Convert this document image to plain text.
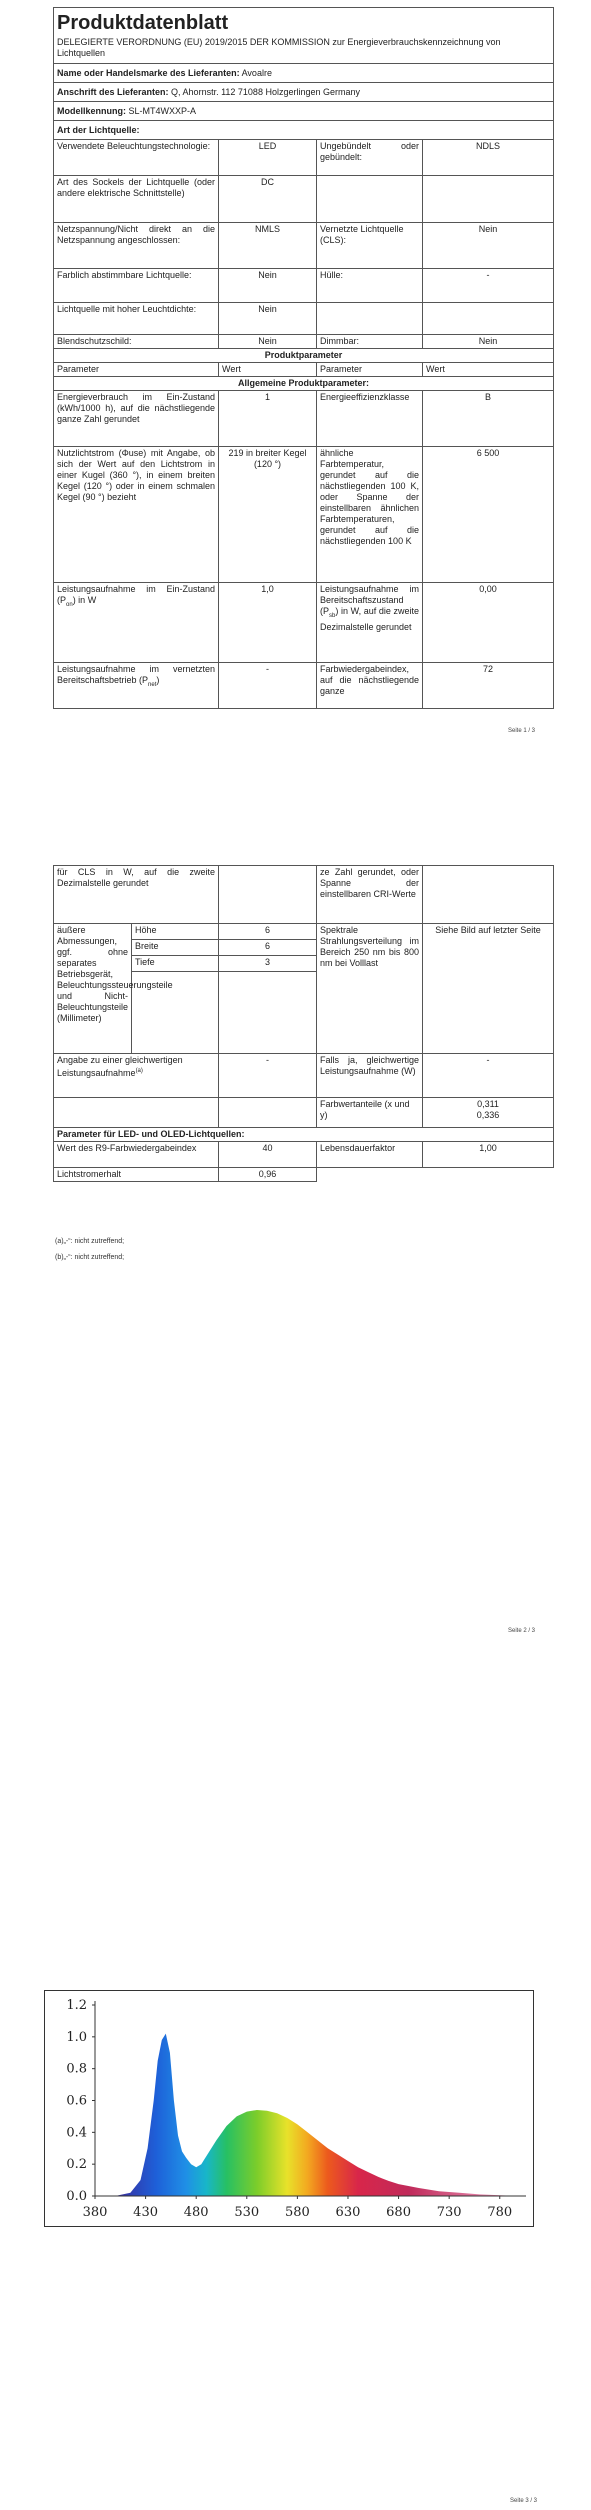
Produktdatenblatt
DELEGIERTE VERORDNUNG (EU) 2019/2015 DER KOMMISSION zur Energieverbrauchskennzeichnung von Lichtquellen			

Name oder Handelsmarke des Lieferanten: Avoalre			
Anschrift des Lieferanten: Q, Ahornstr. 112 71088 Holzgerlingen Germany			
Modellkennung: SL-MT4WXXP-A			
Art der Lichtquelle:			
Verwendete Beleuchtungstechnologie:	LED	Ungebündelt oder gebündelt:	NDLS
Art des Sockels der Lichtquelle (oder andere elektrische Schnittstelle)	DC		
Netzspannung/Nicht direkt an die Netzspannung angeschlossen:	NMLS	Vernetzte Lichtquelle (CLS):	Nein
Farblich abstimmbare Lichtquelle:	Nein	Hülle:	-
Lichtquelle mit hoher Leuchtdichte:	Nein		
Blendschutzschild:	Nein	Dimmbar:	Nein
Produktparameter			
Parameter	Wert	Parameter	Wert
Allgemeine Produktparameter:			
Energieverbrauch im Ein-Zustand (kWh/1000 h), auf die nächstliegende ganze Zahl gerundet	1	Energieeffizienzklasse	B
Nutzlichtstrom (Φuse) mit Angabe, ob sich der Wert auf den Lichtstrom in einer Kugel (360 °), in einem breiten Kegel (120 °) oder in einem schmalen Kegel (90 °) bezieht	219 in breiter Kegel (120 °)	ähnliche Farbtemperatur, gerundet auf die nächstliegenden 100 K, oder Spanne der einstellbaren ähnlichen Farbtemperaturen, gerundet auf die nächstliegenden 100 K	6 500
Leistungsaufnahme im Ein-Zustand $(P_{on})$ in W	1,0	Leistungsaufnahme im Bereitschaftszustand $(P_{sb})$ in W, auf die zweite Dezimalstelle gerundet	0,00
Leistungsaufnahme im vernetzten Bereitschaftsbetrieb $(P_{net})$	-	Farbwiedergabeindex, auf die nächstliegende ganze	72
Seite 1 / 3
für CLS in W, auf die zweite Dezimalstelle gerundet			ze Zahl gerundet, oder Spanne der einstellbaren CRI-Werte	
äußere Abmessungen, ggf. ohne separates Betriebsgerät, Beleuchtungssteuerungsteile und Nicht-Beleuchtungsteile (Millimeter)	Höhe	6	Spektrale Strahlungsverteilung im Bereich 250 nm bis 800 nm bei Volllast	Siehe Bild auf letzter Seite
	Breite	6		
	Tiefe	3		

Angabe zu einer gleichwertigen Leistungsaufnahme$^{(a)}$		-	Falls ja, gleichwertige Leistungsaufnahme (W)	-
			Farbwertanteile (x und y)	0,311
0,336

Parameter für LED- und OLED-Lichtquellen:				
Wert des R9-Farbwiedergabeindex		40	Lebensdauerfaktor	1,00
Lichtstromerhalt		0,96		
(a)„-“: nicht zutreffend;
(b)„-“: nicht zutreffend;
Seite 2 / 3
Seite 3 / 3
0.0
0.2
0.4
0.6
0.8
1.0
1.2
380 430 480 530 580 630 680 730 780
